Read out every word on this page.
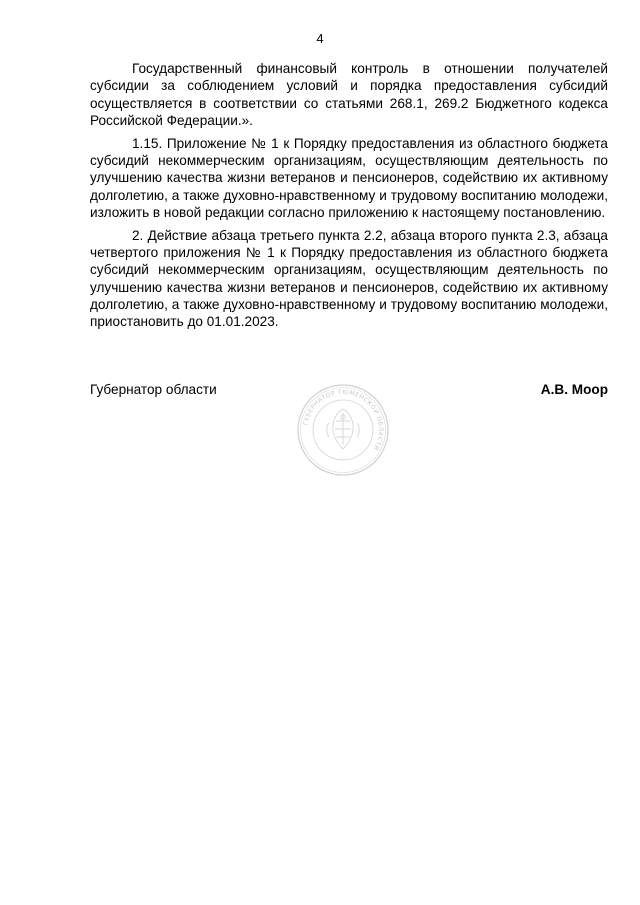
4

Государственный финансовый контроль в отношении получателей субсидии за соблюдением условий и порядка предоставления субсидий осуществляется в соответствии со статьями 268.1, 269.2 Бюджетного кодекса Российской Федерации.».

1.15. Приложение № 1 к Порядку предоставления из областного бюджета субсидий некоммерческим организациям, осуществляющим деятельность по улучшению качества жизни ветеранов и пенсионеров, содействию их активному долголетию, а также духовно-нравственному и трудовому воспитанию молодежи, изложить в новой редакции согласно приложению к настоящему постановлению.

2. Действие абзаца третьего пункта 2.2, абзаца второго пункта 2.3, абзаца четвертого приложения № 1 к Порядку предоставления из областного бюджета субсидий некоммерческим организациям, осуществляющим деятельность по улучшению качества жизни ветеранов и пенсионеров, содействию их активному долголетию, а также духовно-нравственному и трудовому воспитанию молодежи, приостановить до 01.01.2023.

Губернатор области	А.В. Моор
ГУБЕРНАТОР ТЮМЕНСКОЙ ОБЛАСТИ
